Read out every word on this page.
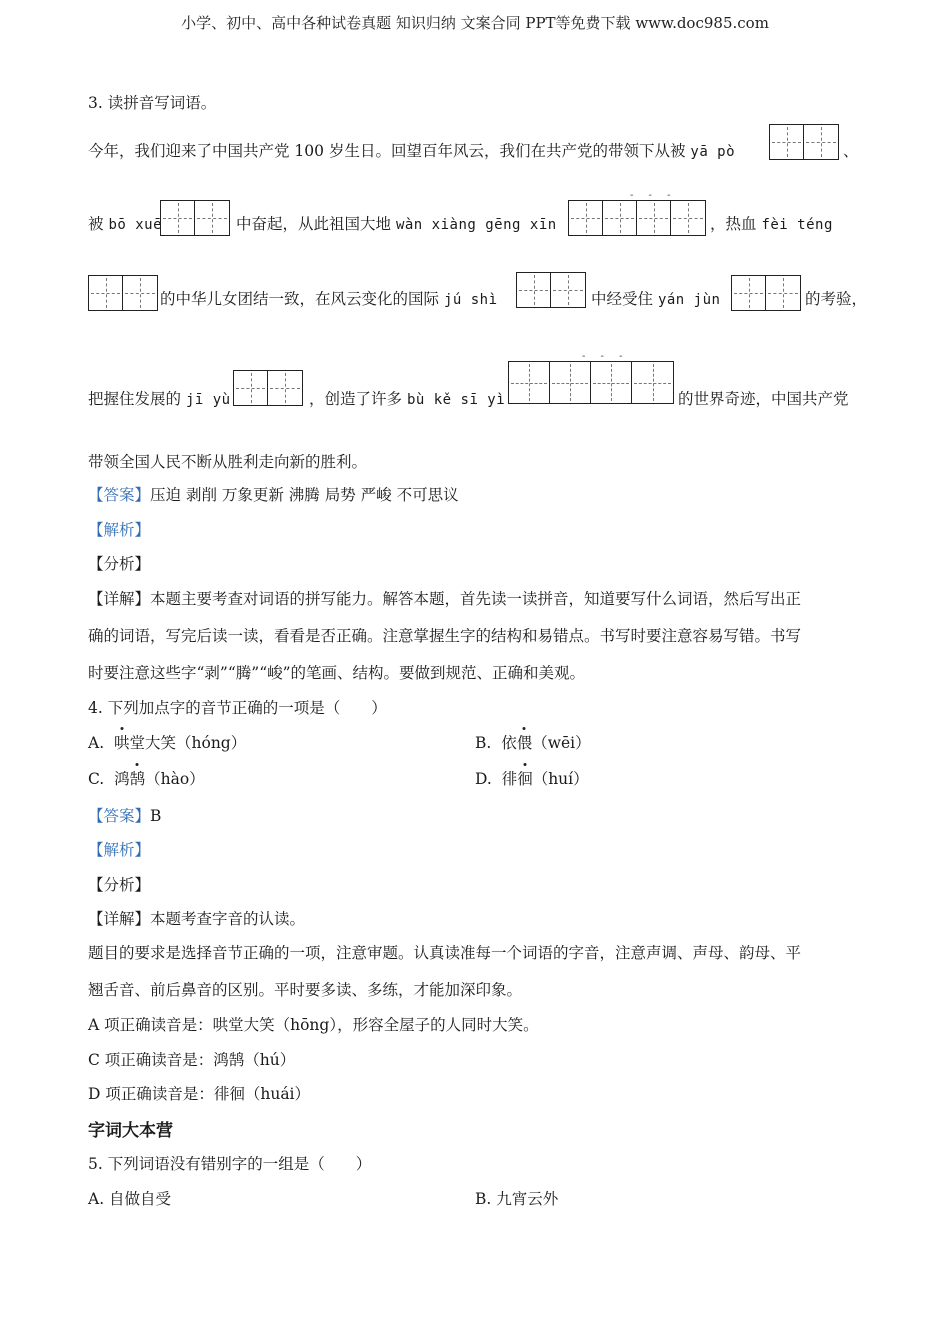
小学、初中、高中各种试卷真题 知识归纳 文案合同 PPT等免费下载 www.doc985.com
3. 读拼音写词语。
今年，我们迎来了中国共产党 100 岁生日。回望百年风云，我们在共产党的带领下从被 yā pò	、
被 bō xuē	中奋起，从此祖国大地 wàn xiàng gēng xīn
- - -
，热血 fèi téng
的中华儿女团结一致，在风云变化的国际 jú shì	中经受住 yán jùn	的考验，
把握住发展的 jī yù	，创造了许多 bù kě sī yì
- - -
的世界奇迹，中国共产党
带领全国人民不断从胜利走向新的胜利。
【答案】压迫 剥削 万象更新 沸腾 局势 严峻 不可思议
【解析】
【分析】
【详解】本题主要考查对词语的拼写能力。解答本题，首先读一读拼音，知道要写什么词语，然后写出正
确的词语，写完后读一读，看看是否正确。注意掌握生字的结构和易错点。书写时要注意容易写错。书写
时要注意这些字“剥”“腾”“峻”的笔画、结构。要做到规范、正确和美观。
4. 下列加点字的音节正确的一项是（　　）
A. 哄堂大笑（hóng）	B. 依偎（wēi）
C. 鸿鹄（hào）	D. 徘徊（huí）
【答案】B
【解析】
【分析】
【详解】本题考查字音的认读。
题目的要求是选择音节正确的一项，注意审题。认真读准每一个词语的字音，注意声调、声母、韵母、平
翘舌音、前后鼻音的区别。平时要多读、多练，才能加深印象。
A 项正确读音是：哄堂大笑（hōng），形容全屋子的人同时大笑。
C 项正确读音是：鸿鹄（hú）
D 项正确读音是：徘徊（huái）
字词大本营
5. 下列词语没有错别字的一组是（　　）
A. 自做自受	B. 九宵云外
